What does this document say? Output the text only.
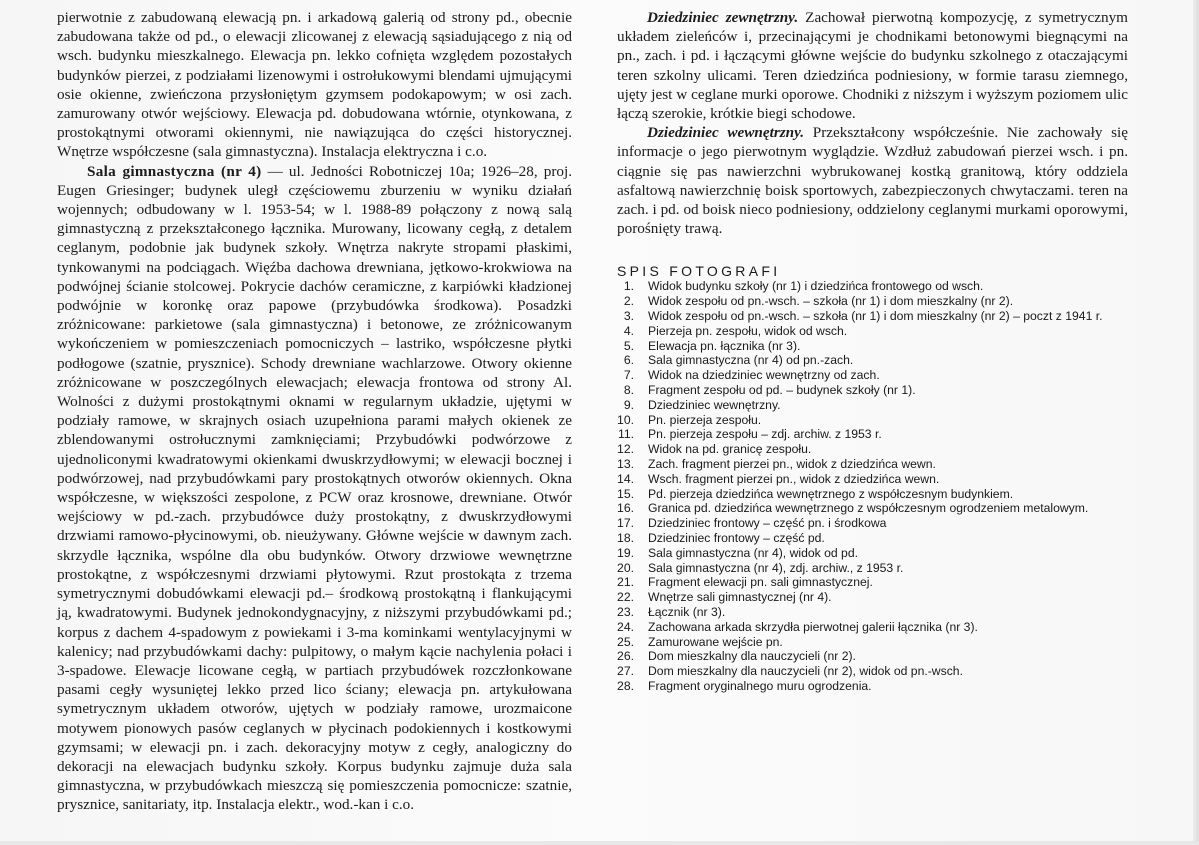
pierwotnie z zabudowaną elewacją pn. i arkadową galerią od strony pd., obecnie zabudowana także od pd., o elewacji zlicowanej z elewacją sąsiadującego z nią od wsch. budynku mieszkalnego. Elewacja pn. lekko cofnięta względem pozostałych budynków pierzei, z podziałami lizenowymi i ostrołukowymi blendami ujmującymi osie okienne, zwieńczona przysłoniętym gzymsem podokapowym; w osi zach. zamurowany otwór wejściowy. Elewacja pd. dobudowana wtórnie, otynkowana, z prostokątnymi otworami okiennymi, nie nawiązująca do części historycznej. Wnętrze współczesne (sala gimnastyczna). Instalacja elektryczna i c.o.

Sala gimnastyczna (nr 4) — ul. Jedności Robotniczej 10a; 1926–28, proj. Eugen Griesinger; budynek uległ częściowemu zburzeniu w wyniku działań wojennych; odbudowany w l. 1953-54; w l. 1988-89 połączony z nową salą gimnastyczną z przekształconego łącznika. Murowany, licowany cegłą, z detalem ceglanym, podobnie jak budynek szkoły. Wnętrza nakryte stropami płaskimi, tynkowanymi na podciągach. Więźba dachowa drewniana, jętkowo-krokwiowa na podwójnej ścianie stolcowej. Pokrycie dachów ceramiczne, z karpiówki kładzionej podwójnie w koronkę oraz papowe (przybudówka środkowa). Posadzki zróżnicowane: parkietowe (sala gimnastyczna) i betonowe, ze zróżnicowanym wykończeniem w pomieszczeniach pomocniczych – lastriko, współczesne płytki podłogowe (szatnie, prysznice). Schody drewniane wachlarzowe. Otwory okienne zróżnicowane w poszczególnych elewacjach; elewacja frontowa od strony Al. Wolności z dużymi prostokątnymi oknami w regularnym układzie, ujętymi w podziały ramowe, w skrajnych osiach uzupełniona parami małych okienek ze zblendowanymi ostrołucznymi zamknięciami; Przybudówki podwórzowe z ujednoliconymi kwadratowymi okienkami dwuskrzydłowymi; w elewacji bocznej i podwórzowej, nad przybudówkami pary prostokątnych otworów okiennych. Okna współczesne, w większości zespolone, z PCW oraz krosnowe, drewniane. Otwór wejściowy w pd.-zach. przybudówce duży prostokątny, z dwuskrzydłowymi drzwiami ramowo-płycinowymi, ob. nieużywany. Główne wejście w dawnym zach. skrzydle łącznika, wspólne dla obu budynków. Otwory drzwiowe wewnętrzne prostokątne, z współczesnymi drzwiami płytowymi. Rzut prostokąta z trzema symetrycznymi dobudówkami elewacji pd.– środkową prostokątną i flankującymi ją, kwadratowymi. Budynek jednokondygnacyjny, z niższymi przybudówkami pd.; korpus z dachem 4-spadowym z powiekami i 3-ma kominkami wentylacyjnymi w kalenicy; nad przybudówkami dachy: pulpitowy, o małym kącie nachylenia połaci i 3-spadowe. Elewacje licowane cegłą, w partiach przybudówek rozczłonkowane pasami cegły wysuniętej lekko przed lico ściany; elewacja pn. artykułowana symetrycznym układem otworów, ujętych w podziały ramowe, urozmaicone motywem pionowych pasów ceglanych w płycinach podokiennych i kostkowymi gzymsami; w elewacji pn. i zach. dekoracyjny motyw z cegły, analogiczny do dekoracji na elewacjach budynku szkoły. Korpus budynku zajmuje duża sala gimnastyczna, w przybudówkach mieszczą się pomieszczenia pomocnicze: szatnie, prysznice, sanitariaty, itp. Instalacja elektr., wod.-kan i c.o.

Dziedziniec zewnętrzny. Zachował pierwotną kompozycję, z symetrycznym układem zieleńców i, przecinającymi je chodnikami betonowymi biegnącymi na pn., zach. i pd. i łączącymi główne wejście do budynku szkolnego z otaczającymi teren szkolny ulicami. Teren dziedzińca podniesiony, w formie tarasu ziemnego, ujęty jest w ceglane murki oporowe. Chodniki z niższym i wyższym poziomem ulic łączą szerokie, krótkie biegi schodowe.

Dziedziniec wewnętrzny. Przekształcony współcześnie. Nie zachowały się informacje o jego pierwotnym wyglądzie. Wzdłuż zabudowań pierzei wsch. i pn. ciągnie się pas nawierzchni wybrukowanej kostką granitową, który oddziela asfaltową nawierzchnię boisk sportowych, zabezpieczonych chwytaczami. teren na zach. i pd. od boisk nieco podniesiony, oddzielony ceglanymi murkami oporowymi, porośnięty trawą.

SPIS FOTOGRAFI
1.	Widok budynku szkoły (nr 1) i dziedzińca frontowego od wsch.
2.	Widok zespołu od pn.-wsch. – szkoła (nr 1) i dom mieszkalny (nr 2).
3.	Widok zespołu od pn.-wsch. – szkoła (nr 1) i dom mieszkalny (nr 2) – poczt z 1941 r.
4.	Pierzeja pn. zespołu, widok od wsch.
5.	Elewacja pn. łącznika (nr 3).
6.	Sala gimnastyczna (nr 4) od pn.-zach.
7.	Widok na dziedziniec wewnętrzny od zach.
8.	Fragment zespołu od pd. – budynek szkoły (nr 1).
9.	Dziedziniec wewnętrzny.
10.	Pn. pierzeja zespołu.
11.	Pn. pierzeja zespołu – zdj. archiw. z 1953 r.
12.	Widok na pd. granicę zespołu.
13.	Zach. fragment pierzei pn., widok z dziedzińca wewn.
14.	Wsch. fragment pierzei pn., widok z dziedzińca wewn.
15.	Pd. pierzeja dziedzińca wewnętrznego z współczesnym budynkiem.
16.	Granica pd. dziedzińca wewnętrznego z współczesnym ogrodzeniem metalowym.
17.	Dziedziniec frontowy – część pn. i środkowa
18.	Dziedziniec frontowy – część pd.
19.	Sala gimnastyczna (nr 4), widok od pd.
20.	Sala gimnastyczna (nr 4), zdj. archiw., z 1953 r.
21.	Fragment elewacji pn. sali gimnastycznej.
22.	Wnętrze sali gimnastycznej (nr 4).
23.	Łącznik (nr 3).
24.	Zachowana arkada skrzydła pierwotnej galerii łącznika (nr 3).
25.	Zamurowane wejście pn.
26.	Dom mieszkalny dla nauczycieli (nr 2).
27.	Dom mieszkalny dla nauczycieli (nr 2), widok od pn.-wsch.
28.	Fragment oryginalnego muru ogrodzenia.
